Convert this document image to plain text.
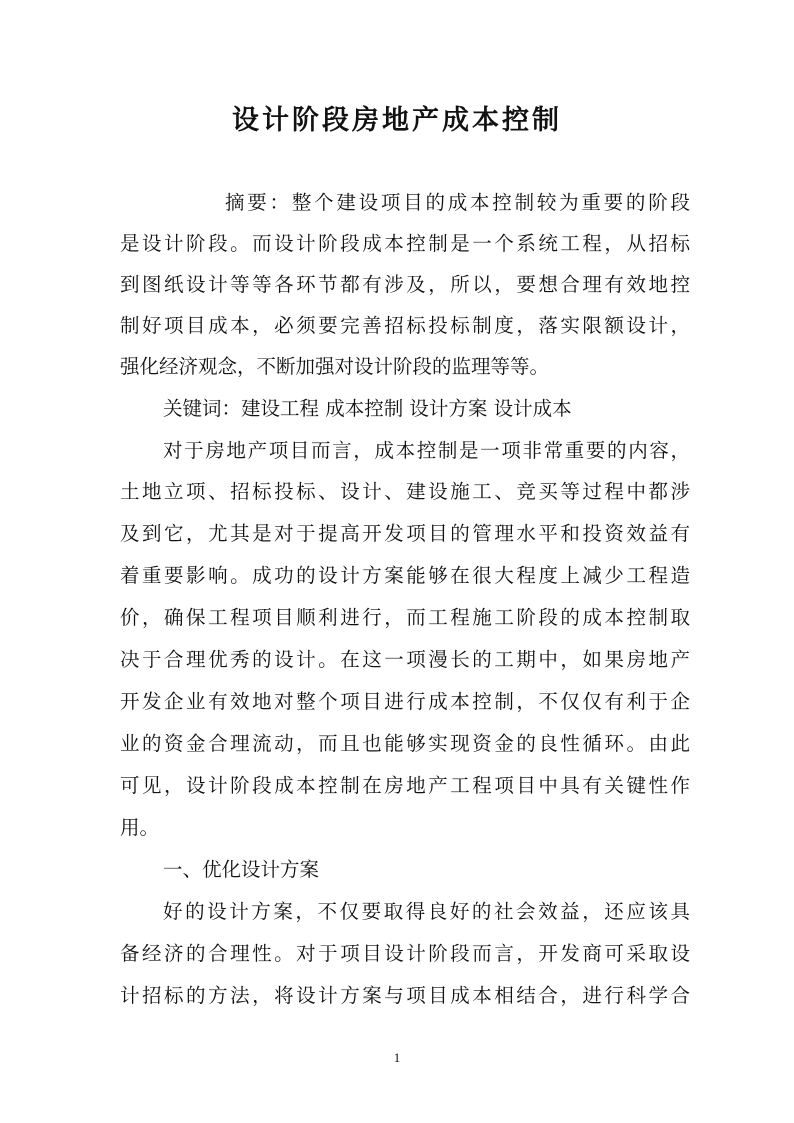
设计阶段房地产成本控制
摘要：整个建设项目的成本控制较为重要的阶段
是设计阶段。而设计阶段成本控制是一个系统工程，从招标
到图纸设计等等各环节都有涉及，所以，要想合理有效地控
制好项目成本，必须要完善招标投标制度，落实限额设计，
强化经济观念，不断加强对设计阶段的监理等等。
关键词：建设工程 成本控制 设计方案 设计成本
对于房地产项目而言，成本控制是一项非常重要的内容，
土地立项、招标投标、设计、建设施工、竞买等过程中都涉
及到它，尤其是对于提高开发项目的管理水平和投资效益有
着重要影响。成功的设计方案能够在很大程度上减少工程造
价，确保工程项目顺利进行，而工程施工阶段的成本控制取
决于合理优秀的设计。在这一项漫长的工期中，如果房地产
开发企业有效地对整个项目进行成本控制，不仅仅有利于企
业的资金合理流动，而且也能够实现资金的良性循环。由此
可见，设计阶段成本控制在房地产工程项目中具有关键性作
用。
一、优化设计方案
好的设计方案，不仅要取得良好的社会效益，还应该具
备经济的合理性。对于项目设计阶段而言，开发商可采取设
计招标的方法，将设计方案与项目成本相结合，进行科学合
1
